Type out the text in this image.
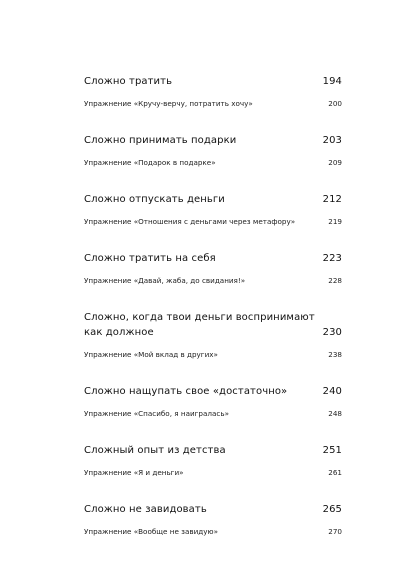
Сложно тратить	194
Упражнение «Кручу-верчу, потратить хочу»	200
Сложно принимать подарки	203
Упражнение «Подарок в подарке»	209
Сложно отпускать деньги	212
Упражнение «Отношения с деньгами через метафору»	219
Сложно тратить на себя	223
Упражнение «Давай, жаба, до свидания!»	228
Сложно, когда твои деньги воспринимают как должное	230
Упражнение «Мой вклад в других»	238
Сложно нащупать свое «достаточно»	240
Упражнение «Спасибо, я наигралась»	248
Сложный опыт из детства	251
Упражнение «Я и деньги»	261
Сложно не завидовать	265
Упражнение «Вообще не завидую»	270
